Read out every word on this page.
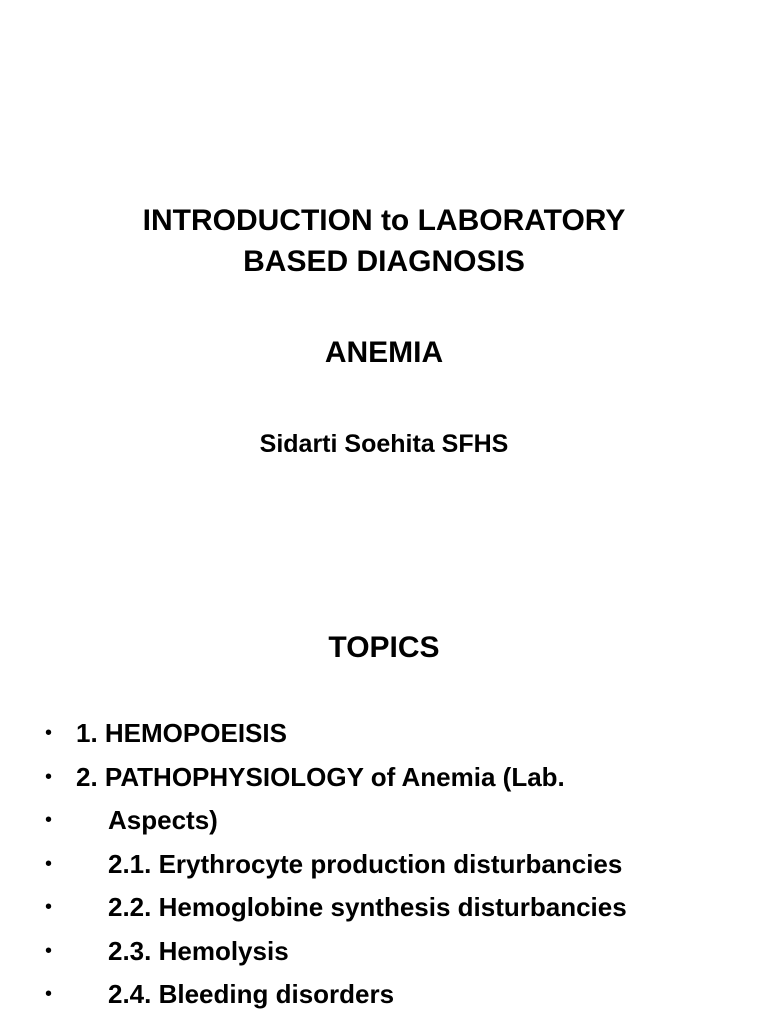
INTRODUCTION to LABORATORY
BASED DIAGNOSIS
ANEMIA

Sidarti Soehita SFHS

TOPICS
• 1. HEMOPOEISIS
• 2. PATHOPHYSIOLOGY of Anemia (Lab.
• Aspects)
• 2.1. Erythrocyte production disturbancies
• 2.2. Hemoglobine synthesis disturbancies
• 2.3. Hemolysis
• 2.4. Bleeding disorders
